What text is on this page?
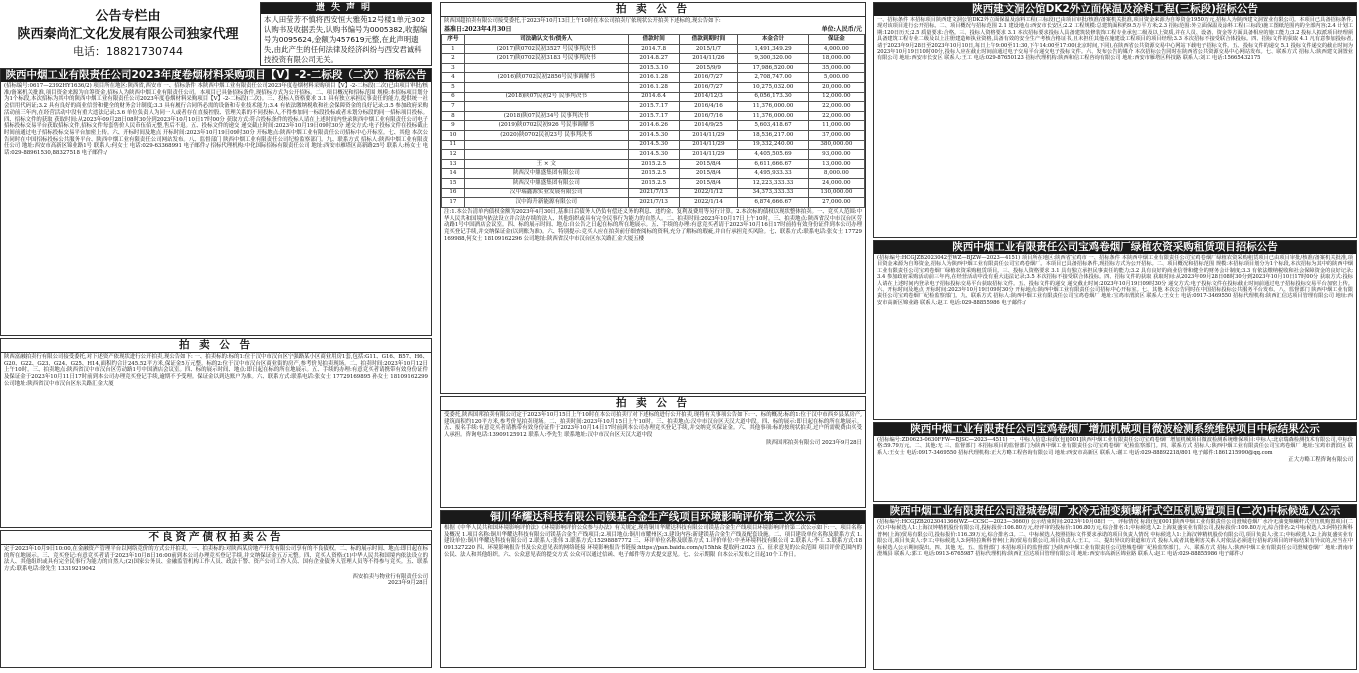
公告专栏由
陕西秦尚汇文化发展有限公司独家代理
电话：18821730744
遗失声明
本人田莹芳不慎将西安恒大雅苑12号楼1单元302认购书及收据丢失,认购书编号为0005382,收据编号为0095624,金额为457619元整,在此声明遗失,由此产生的任何法律及经济纠纷与西安君诚科技投资有限公司无关。
陕西中烟工业有限责任公司2023年度卷烟材料采购项目【Ⅴ】-2-二标段（二次）招标公告
(招标编号:0617—2392HY1636/2) 项目所在地区:陕西省,西安市 一、招标条件 本陕西中烟工业有限责任公司2023年度卷烟材料采购项目【Ⅴ】-2-二标段(二次)已由项目审批/核准/备案机关批准,项目资金来源为自筹资金,招标人为陕西中烟工业有限责任公司。本项目已具备招标条件,现招标方式为公开招标。二、项目概况和招标范围 规模:本招标项目划分为1个标段,本次招标为其中的陕西中烟工业有限责任公司2023年度卷烟材料采购项目【Ⅴ】-2-二标段(二次)。三、投标人资格要求 3.1 具有独立承担民事责任的能力,提供统一社会信用代码证;3.2 具有良好的商业信誉和健全的财务会计制度;3.3 具有履行合同所必需的设备和专业技术能力;3.4 有依法缴纳税收和社会保障资金的良好记录;3.5 参加政府采购活动前三年内,在经营活动中没有重大违法记录;3.6 单位负责人为同一人或者存在直接控股、管理关系的不同投标人,不得参加同一标段投标或者未划分标段的同一招标项目投标。四、招标文件的获取 获取时间:从2023年09月28日08时30分到2023年10月10日17时00分 获取方式:符合投标条件的投标人请在上述时间内登录陕西中烟工业有限责任公司电子招标投标交易平台获取招标文件,招标文件每套售价人民币伍佰元整,售后不退。五、投标文件的递交 递交截止时间:2023年10月19日09时30分 递交方式:电子投标文件在投标截止时间前通过电子招标投标交易平台加密上传。六、开标时间及地点 开标时间:2023年10月19日09时30分 开标地点:陕西中烟工业有限责任公司招标中心开标室。七、其他 本次公告同时在中国招标投标公共服务平台、陕西中烟工业有限责任公司网站发布。八、监督部门 陕西中烟工业有限责任公司纪检监察部门。九、联系方式 招标人:陕西中烟工业有限责任公司 地址:西安市高新区锦业路1号 联系人:何女士 电话:029-63368991 电子邮件:/ 招标代理机构:中化国际招标有限责任公司 地址:西安市雁塔区高新路25号 联系人:杨女士 电话:029-88961530,88327518 电子邮件:/
拍 卖 公 告
陕西富融拍卖行有限公司接受委托,对下述资产依现状进行公开拍卖,现公告如下: 一、拍卖标的:标的1:位于汉中市汉台区宁强路某小区商业用房1套,包括:G11、G16、B57、H6、G20、G22、G23、G24、G25、H14,面积约合计245.52平方米,保证金5万元整。标的2:位于汉中市汉台区商业街的房产,参考价见拍卖现场。二、拍卖时间:2023年10月12日上午10时。三、拍卖地点:陕西省汉中市汉台区劳动路1号中国酒店会议室。四、标的展示时间、地点:即日起在标的所在地展示。五、手续的办理:有意竞买者请携带有效身份证件及保证金于2023年10月11日17时前到本公司办理竞买登记手续,逾期不予受理。保证金以到达账户为准。六、联系方式:联系电话:张女士 17729169895 孙女士 18109162299 公司地址:陕西省汉中市汉台区东关路汇金大厦
不良资产债权拍卖公告
定于2023年10月9日10:00,在金融资产管理平台以网络竞价的方式公开拍卖。一、拍卖标的:对陕西某房地产开发有限公司享有的不良债权。二、标的展示时间、地点:即日起在标的所在地展示。三、竞买登记:有意竞买者请于2023年10月8日16:00前到本公司办理竞买登记手续,并交纳保证金五万元整。四、竞买人资格:(1)中华人民共和国境内依法设立的法人、其他组织或具有完全民事行为能力的自然人;(2)国家公务员、金融监管机构工作人员、政法干警、资产公司工作人员、国有企业债务人管理人员等不得参与竞买。五、联系方式:联系电话:徐先生 13319219042
西安拍卖与物业行有限责任公司
2023年9月28日
拍 卖 公 告
陕西国超拍卖有限公司接受委托,于2023年10月13日上午10时在本公司拍卖厅依现状公开拍卖下述标的,现公告如下:
基准日:2023年4月30日	单位:人民币/元
序号	司法确认文书/债务人	借款时间	借款到期时间	本金合计	保证金
1	(2017)陕0702民初3527 号民事判决书	2014.7.8	2015/1/7	1,491,349.29	4,000.00
2	(2017)陕0702民初3183 号民事判决书	2014.8.27	2014/11/26	9,300,320.00	18,000.00
3		2015.3.10	2015/9/9	17,986,520.00	35,000.00
4	(2016)陕0702民初2856号民事调解书	2016.1.28	2016/7/27	2,708,747.00	5,000.00
5		2016.1.28	2016/7/27	10,275,032.00	20,000.00
6	(2018)陕07民初2号 民事判决书	2014.6.4	2014/12/3	6,056,173.30	12,000.00
7		2015.7.17	2016/4/16	11,376,000.00	22,000.00
8	(2018)陕07民初34号 民事判决书	2015.7.17	2016/7/16	11,376,000.00	22,000.00
9	(2019)陕0702民初926 号民事调解书	2014.6.26	2014/9/25	5,603,418.67	11,000.00
10	(2020)陕0702民初23号 民事判决书	2014.5.30	2014/11/29	18,536,217.00	37,000.00
11		2014.5.30	2014/11/29	19,332,240.00	380,000.00
12		2014.5.30	2014/11/29	4,405,505.69	93,000.00
13	王 × 文	2015.2.5	2015/8/4	6,611,666.67	13,000.00
14	陕西汉中鼎盛集团有限公司	2015.2.5	2015/8/4	4,495,933.33	8,000.00
15	陕西汉中鼎盛集团有限公司	2015.2.5	2015/8/4	12,223,333.33	24,000.00
16	汉中瑞鑫源实业发展有限公司	2021/7/13	2022/1/12	34,373,333.33	130,000.00
17	汉中海升新能源有限公司	2021/7/13	2022/1/14	6,874,666.67	27,000.00
注:1.本公告清单内债权金额为2023年4月30日,基准日后债务人仍负有偿还义务的利息、违约金、复利及费用等另行计算。2.本次标的债权以现状整体拍卖。一、竞买人范围:中华人民共和国境内依法设立并合法存续的法人、其他组织或具有完全民事行为能力的自然人。二、拍卖时间:2023年10月17日上午10时。三、拍卖地点:陕西省汉中市汉台区劳动路1号中国酒店会议室。四、标的展示时间、地点:自公告之日起在标的所在地展示。五、手续的办理:有意竞买者请于2023年10月16日17时前持有效身份证件到本公司办理竞买登记手续,并交纳保证金(以到账为准)。六、特别提示:竞买人应在拍卖前仔细查阅标的资料,充分了解标的瑕疵,并自行承担竞买风险。七、联系方式:联系电话:张女士 17729169988,何女士 18109162296 公司地址:陕西省汉中市汉台区东关路汇金大厦五楼
拍 卖 公 告
受委托,陕西国邦拍卖有限公司定于2023年10月15日上午10时在本公司拍卖厅对下述标的进行公开拍卖,现将有关事项公告如下:一、标的概况:标的1:位于汉中市西乡县某房产,建筑面积约120平方米,参考价见拍卖现场。二、拍卖时间:2023年10月15日上午10时。三、拍卖地点:汉中市汉台区天汉大道中段。四、标的展示:即日起在标的所在地展示。五、报名手续:有意竞买者请携带有效身份证件于2023年10月14日17时前到本公司办理竞买登记手续,并交纳竞买保证金。六、其他事项:标的按现状拍卖,过户所需税费由买受人承担。咨询电话:13909125912 联系人:李先生 联系地址:汉中市汉台区天汉大道中段
陕西国邦拍卖有限公司 2023年9月28日
铜川华耀达科技有限公司镁基合金生产线项目环境影响评价第二次公示
根据《中华人民共和国环境影响评价法》《环境影响评价公众参与办法》有关规定,现将铜川华耀达科技有限公司镁基合金生产线项目环境影响评价第二次公示如下:一、项目名称及概况 1.项目名称:铜川华耀达科技有限公司镁基合金生产线项目;2.项目地点:铜川市耀州区;3.建设内容:新建镁基合金生产线及配套设施。二、项目建设单位名称及联系方式 1.建设单位:铜川华耀达科技有限公司 2.联系人:张伟 3.联系方式:15298887772 三、环评单位名称及联系方式 1.评价单位:中圣环境科技有限公司 2.联系人:李工 3.联系方式:18091327220 四、环境影响报告书及公众意见表的网络链接 环境影响报告书链接:https://pan.baidu.com/s/15hhk 提取码:2023 五、征求意见的公众范围 项目评价范围内的公民、法人和其他组织。六、公众意见表的提交方式 公众可以通过信函、电子邮件等方式提交意见。七、公示期限 自本公示发布之日起10个工作日。
陕西建文洞公馆DK2外立面保温及涂料工程(三标段)招标公告
一、招标条件 本招标项目陕西建文洞公馆DK2外立面保温及涂料工程(三标段)已由项目审批/核准/备案机关批准,项目资金来源为自筹资金1950万元,招标人为陕西建文洞置业有限公司。本项目已具备招标条件,现对该项目进行公开招标。二、项目概况与招标范围 2.1 建设地点:西安市长安区;2.2 工程规模:总建筑面积约9.5万平方米;2.3 招标范围:外立面保温及涂料工程(三标段)施工图纸范围内的全部内容;2.4 计划工期:120日历天;2.5 质量要求:合格。三、投标人资格要求 3.1 本次招标要求投标人具备建筑装修装饰工程专业承包二级及以上资质,并在人员、设备、资金等方面具备相应的施工能力;3.2 投标人拟派项目经理须具备建筑工程专业二级及以上注册建造师执业资格,具备有效的安全生产考核合格证书,且未担任其他在施建设工程项目的项目经理;3.3 本次招标不接受联合体投标。四、招标文件的获取 4.1 凡有意参加投标者,请于2023年9月28日至2023年10月10日,每日上午9:00至11:30,下午14:00至17:00(北京时间,下同),在陕西省公共资源交易中心网站下载电子招标文件。五、投标文件的递交 5.1 投标文件递交的截止时间为2023年10月19日10时00分,投标人应在截止时间前通过电子交易平台递交电子投标文件。六、发布公告的媒介 本次招标公告同时在陕西省公共资源交易中心网站发布。七、联系方式 招标人:陕西建文洞置业有限公司 地址:西安市长安区 联系人:王工 电话:029-87650123 招标代理机构:陕西和信工程咨询有限公司 地址:西安市雁塔区科技路 联系人:刘工 电话:15665432175
陕西中烟工业有限责任公司宝鸡卷烟厂绿植农资采购租赁项目招标公告
(招标编号:HCGJZB2023042型WZ—BJZW—2023—4151) 项目所在地区:陕西省宝鸡市 一、招标条件 本陕西中烟工业有限责任公司宝鸡卷烟厂绿植农资采购租赁项目已由项目审批/核准/备案机关批准,项目资金来源为自筹资金,招标人为陕西中烟工业有限责任公司宝鸡卷烟厂。本项目已具备招标条件,现招标方式为公开招标。二、项目概况和招标范围 规模:本招标项目划分为1个标段,本次招标为其中的陕西中烟工业有限责任公司宝鸡卷烟厂绿植农资采购租赁项目。三、投标人资格要求 3.1 具有独立承担民事责任的能力;3.2 具有良好的商业信誉和健全的财务会计制度;3.3 有依法缴纳税收和社会保障资金的良好记录;3.4 参加政府采购活动前三年内,在经营活动中没有重大违法记录;3.5 本次招标不接受联合体投标。四、招标文件的获取 获取时间:从2023年09月28日08时30分到2023年10月10日17时00分 获取方式:投标人请在上述时间内登录电子招标投标交易平台获取招标文件。五、投标文件的递交 递交截止时间:2023年10月19日09时30分 递交方式:电子投标文件在投标截止时间前通过电子招标投标交易平台加密上传。六、开标时间及地点 开标时间:2023年10月19日09时30分 开标地点:陕西中烟工业有限责任公司招标中心开标室。七、其他 本次公告同时在中国招标投标公共服务平台发布。八、监督部门 陕西中烟工业有限责任公司宝鸡卷烟厂纪检监察部门。九、联系方式 招标人:陕西中烟工业有限责任公司宝鸡卷烟厂 地址:宝鸡市渭滨区 联系人:王女士 电话:0917-3469550 招标代理机构:陕西汇信达项目管理有限公司 地址:西安市高新区锦业路 联系人:赵工 电话:029-88855986 电子邮件:/
陕西中烟工业有限责任公司宝鸡卷烟厂增加机械项目微波检测系统维保项目中标结果公示
(招标编号:ZD0623-0630FFW—BJSC—2023—4511) 一、中标人信息:标段(包)[001]陕西中烟工业有限责任公司宝鸡卷烟厂增加机械项目微波检测系统维保项目:中标人:北京瑞森检测技术有限公司,中标价格:59.79万元。二、其他:无 三、监督部门 本招标项目的监督部门为陕西中烟工业有限责任公司宝鸡卷烟厂纪检监察部门。四、联系方式 招标人:陕西中烟工业有限责任公司宝鸡卷烟厂 地址:宝鸡市渭滨区 联系人:王女士 电话:0917-3469550 招标代理机构:正大方略工程咨询有限公司 地址:西安市高新区 联系人:谢工 电话:029-88892218/801 电子邮件:1861215990@qq.com
正大方略工程咨询有限公司
陕西中烟工业有限责任公司澄城卷烟厂水冷无油变频螺杆式空压机购置项目(二次)中标候选人公示
(招标编号:HCGJZB2023041366(WZ—CCSC—2023—3660)) 公示结束时间:2023年10月08日 一、评标情况 标段(包)[001]陕西中烟工业有限责任公司澄城卷烟厂水冷无油变频螺杆式空压机购置项目(二次):中标候选人1:上海汉钟精机股份有限公司,投标报价:106.80万元,经评审的投标价:106.80万元,综合排名:1;中标候选人2:上海复盛实业有限公司,投标报价:109.80万元,综合排名:2;中标候选人3:阿特拉斯科普柯(上海)贸易有限公司,投标报价:116.39万元,综合排名:3。二、中标候选人按照招标文件要求承诺的项目负责人情况 中标候选人1:上海汉钟精机股份有限公司,项目负责人:张工;中标候选人2:上海复盛实业有限公司,项目负责人:李工;中标候选人3:阿特拉斯科普柯(上海)贸易有限公司,项目负责人:王工。三、提出异议的渠道和方式 投标人或者其他利害关系人对依法必须进行招标的项目的评标结果有异议的,应当在中标候选人公示期间提出。四、其他 无。五、监督部门 本招标项目的监督部门为陕西中烟工业有限责任公司澄城卷烟厂纪检监察部门。六、联系方式 招标人:陕西中烟工业有限责任公司澄城卷烟厂 地址:渭南市澄城县 联系人:郭工 电话:0913-6765987 招标代理机构:陕西汇信达项目管理有限公司 地址:西安市高新区锦业路 联系人:赵工 电话:029-88855986 电子邮件:/
